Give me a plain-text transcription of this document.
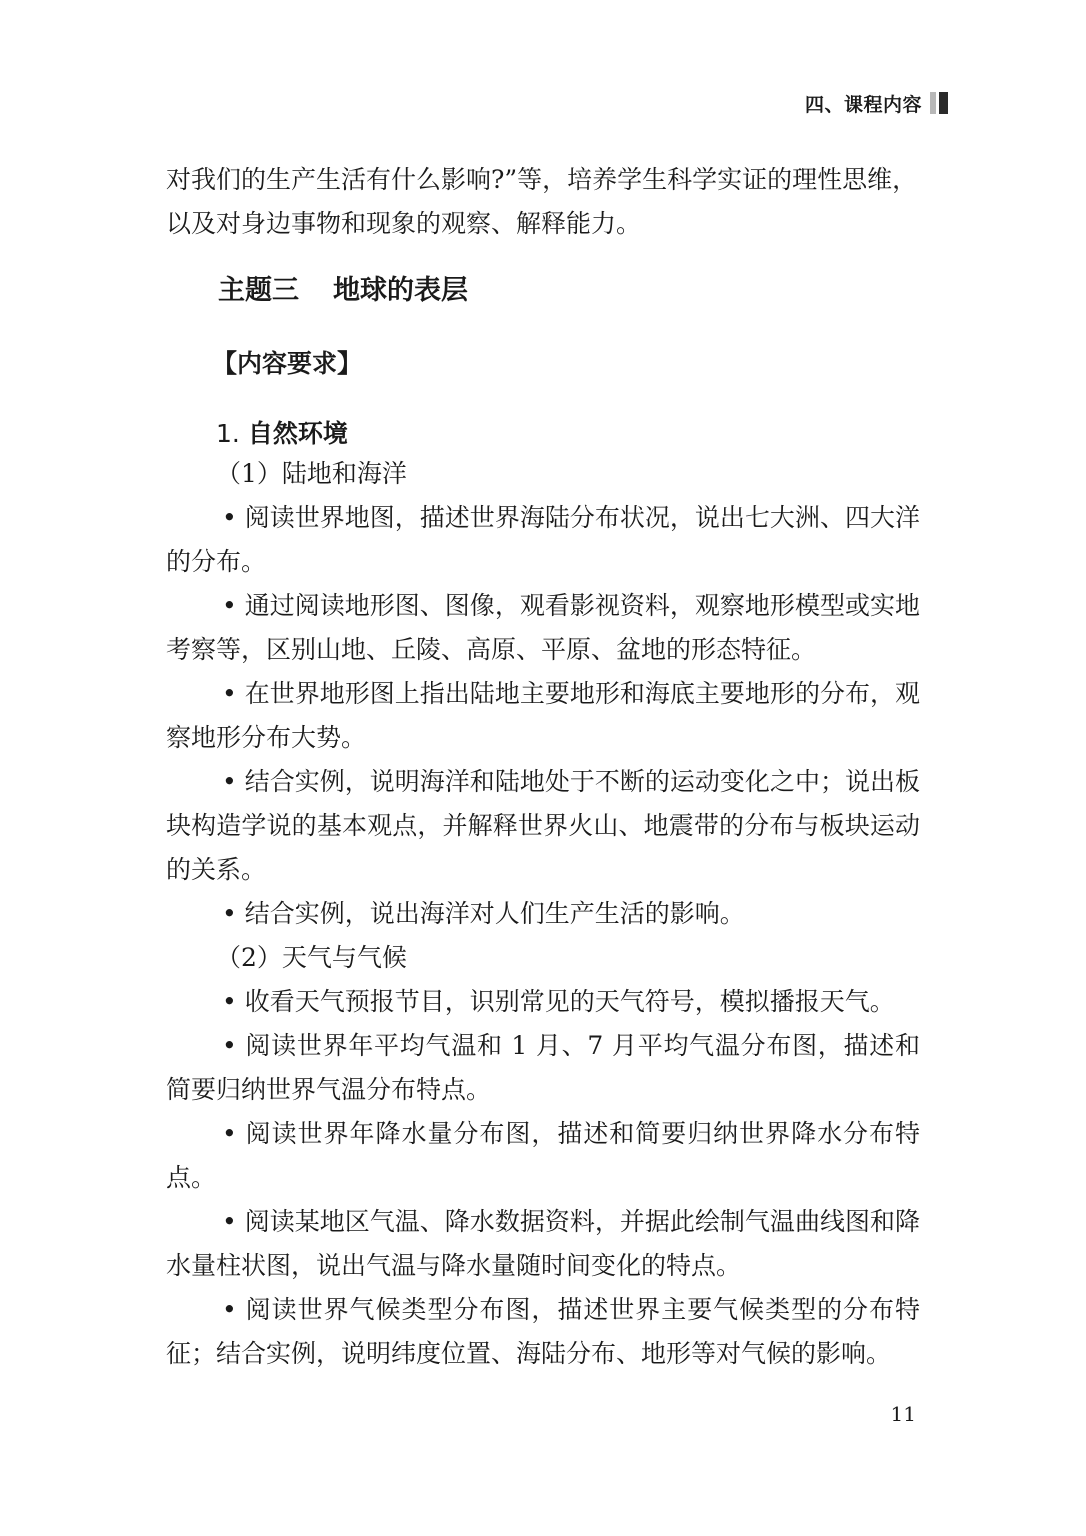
四、课程内容

对我们的生产生活有什么影响?”等，培养学生科学实证的理性思维，

以及对身边事物和现象的观察、解释能力。

主题三 地球的表层
【内容要求】
1. 自然环境

（1）陆地和海洋

• 阅读世界地图，描述世界海陆分布状况，说出七大洲、四大洋的分布。

• 通过阅读地形图、图像，观看影视资料，观察地形模型或实地考察等，区别山地、丘陵、高原、平原、盆地的形态特征。

• 在世界地形图上指出陆地主要地形和海底主要地形的分布，观察地形分布大势。

• 结合实例，说明海洋和陆地处于不断的运动变化之中；说出板块构造学说的基本观点，并解释世界火山、地震带的分布与板块运动的关系。

• 结合实例，说出海洋对人们生产生活的影响。

（2）天气与气候

• 收看天气预报节目，识别常见的天气符号，模拟播报天气。

• 阅读世界年平均气温和 1 月、7 月平均气温分布图，描述和简要归纳世界气温分布特点。

• 阅读世界年降水量分布图，描述和简要归纳世界降水分布特点。

• 阅读某地区气温、降水数据资料，并据此绘制气温曲线图和降水量柱状图，说出气温与降水量随时间变化的特点。

• 阅读世界气候类型分布图，描述世界主要气候类型的分布特征；结合实例，说明纬度位置、海陆分布、地形等对气候的影响。

11
